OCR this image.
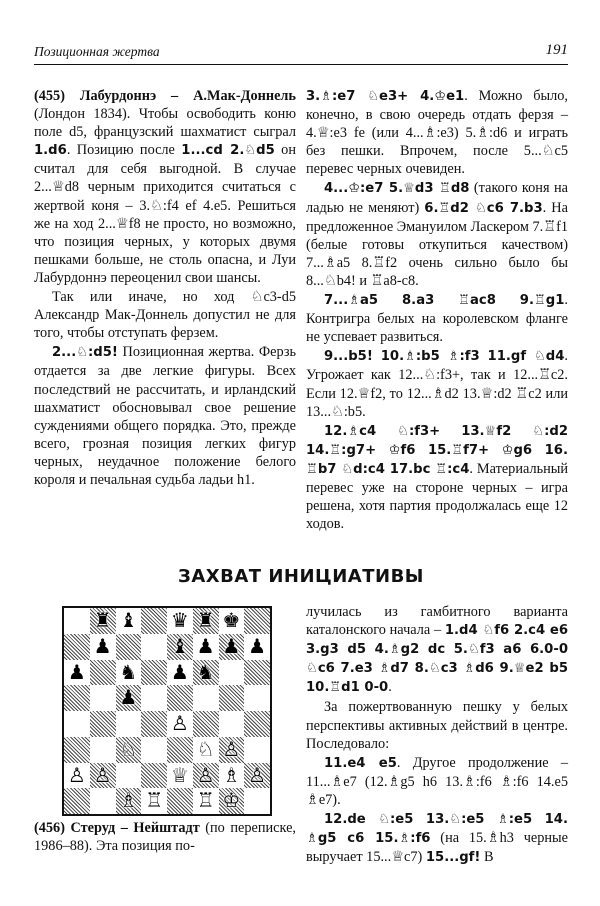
Позиционная жертва	191

(455) Лабурдоннэ – А.Мак-Доннель (Лондон 1834). Чтобы освободить коню поле d5, французский шахматист сыграл 1.d6. Позицию после 1...cd 2.♘d5 он считал для себя выгодной. В случае 2...♕d8 черным приходится считаться с жертвой коня – 3.♘:f4 ef 4.e5. Решиться же на ход 2...♕f8 не просто, но возможно, что позиция черных, у которых двумя пешками больше, не столь опасна, и Луи Лабурдоннэ переоценил свои шансы.

Так или иначе, но ход ♘c3-d5 Александр Мак-Доннель допустил не для того, чтобы отступать ферзем.

2...♘:d5! Позиционная жертва. Ферзь отдается за две легкие фигуры. Всех последствий не рассчитать, и ирландский шахматист обосновывал свое решение суждениями общего порядка. Это, прежде всего, грозная позиция легких фигур черных, неудачное положение белого короля и печальная судьба ладьи h1.

3.♗:e7 ♘e3+ 4.♔e1. Можно было, конечно, в свою очередь отдать ферзя – 4.♕:e3 fe (или 4...♗:e3) 5.♗:d6 и играть без пешки. Впрочем, после 5...♘c5 перевес черных очевиден.

4...♔:e7 5.♕d3 ♖d8 (такого коня на ладью не меняют) 6.♖d2 ♘c6 7.b3. На предложенное Эмануилом Ласкером 7.♖f1 (белые готовы откупиться качеством) 7...♗a5 8.♖f2 очень сильно было бы 8...♘b4! и ♖a8-c8.

7...♗a5 8.a3 ♖ac8 9.♖g1. Контригра белых на королевском фланге не успевает развиться.

9...b5! 10.♗:b5 ♗:f3 11.gf ♘d4. Угрожает как 12...♘:f3+, так и 12...♖c2. Если 12.♕f2, то 12...♗d2 13.♕:d2 ♖c2 или 13...♘:b5.

12.♗c4 ♘:f3+ 13.♕f2 ♘:d2 14.♖:g7+ ♔f6 15.♖f7+ ♔g6 16. ♖b7 ♘d:c4 17.bc ♖:c4. Материальный перевес уже на стороне черных – игра решена, хотя партия продолжалась еще 12 ходов.

ЗАХВАТ ИНИЦИАТИВЫ
♜ ♝ ♛ ♜ ♚
♟	♝ ♟ ♟ ♟
♟ ♞ ♟ ♞
♟
♙
♘	♘ ♙
♙ ♙	♕ ♙ ♗ ♙
♗ ♖ ♖ ♔

(456) Стеруд – Нейштадт (по переписке, 1986–88). Эта позиция по-

лучилась из гамбитного варианта каталонского начала – 1.d4 ♘f6 2.c4 e6 3.g3 d5 4.♗g2 dc 5.♘f3 a6 6.0-0 ♘c6 7.e3 ♗d7 8.♘c3 ♗d6 9.♕e2 b5 10.♖d1 0-0.

За пожертвованную пешку у белых перспективы активных действий в центре. Последовало:

11.e4 e5. Другое продолжение – 11...♗e7 (12.♗g5 h6 13.♗:f6 ♗:f6 14.e5 ♗e7).

12.de ♘:e5 13.♘:e5 ♗:e5 14. ♗g5 c6 15.♗:f6 (на 15.♗h3 черные выручает 15...♕c7) 15...gf! В
